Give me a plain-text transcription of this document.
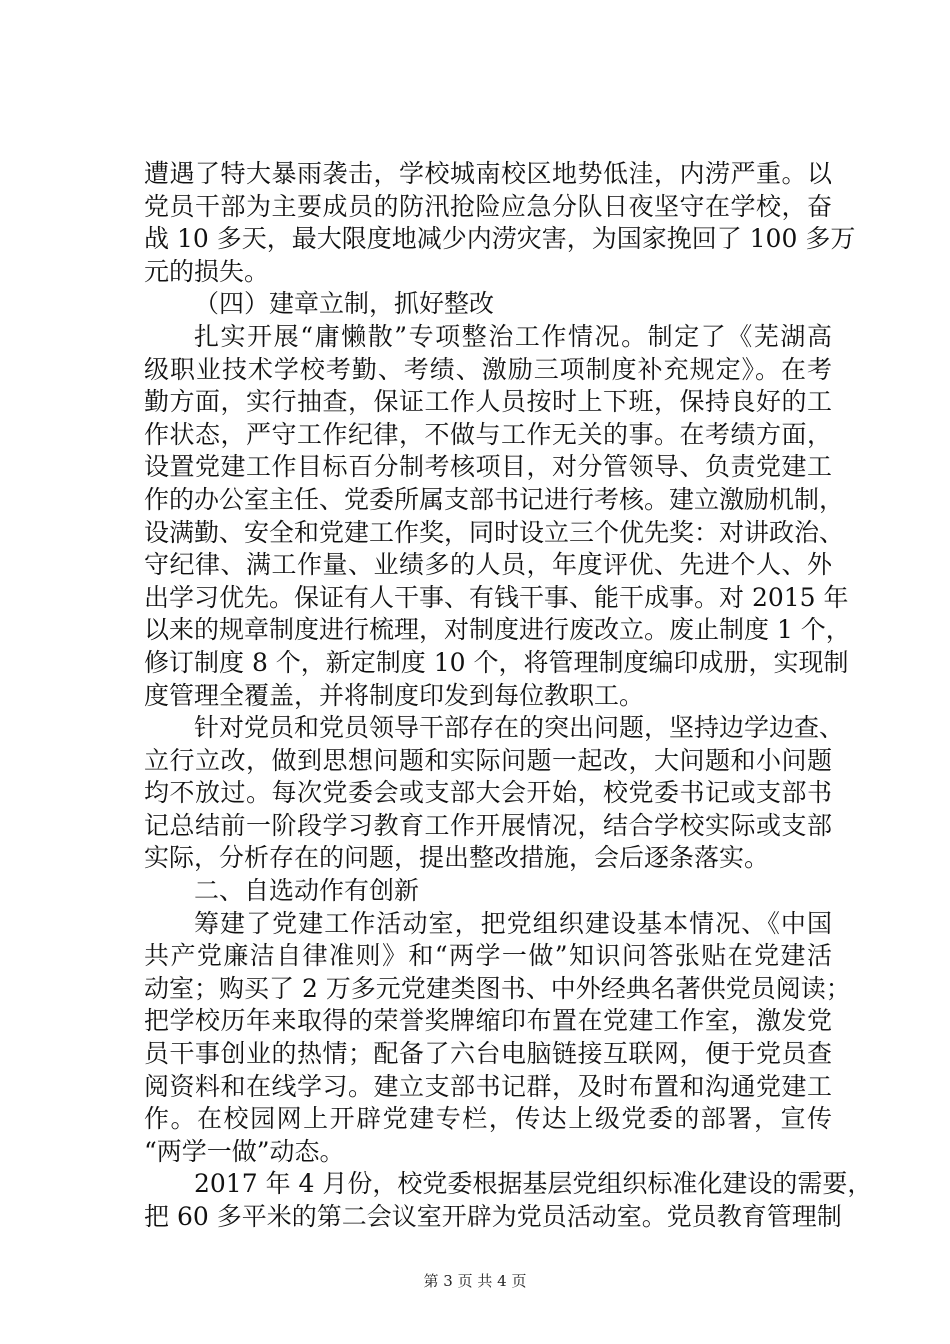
遭遇了特大暴雨袭击，学校城南校区地势低洼，内涝严重。以
党员干部为主要成员的防汛抢险应急分队日夜坚守在学校，奋
战 10 多天，最大限度地减少内涝灾害，为国家挽回了 100 多万
元的损失。
（四）建章立制，抓好整改
扎实开展“庸懒散”专项整治工作情况。制定了《芜湖高
级职业技术学校考勤、考绩、激励三项制度补充规定》。在考
勤方面，实行抽查，保证工作人员按时上下班，保持良好的工
作状态，严守工作纪律，不做与工作无关的事。在考绩方面，
设置党建工作目标百分制考核项目，对分管领导、负责党建工
作的办公室主任、党委所属支部书记进行考核。建立激励机制，
设满勤、安全和党建工作奖，同时设立三个优先奖：对讲政治、
守纪律、满工作量、业绩多的人员，年度评优、先进个人、外
出学习优先。保证有人干事、有钱干事、能干成事。对 2015 年
以来的规章制度进行梳理，对制度进行废改立。废止制度 1 个，
修订制度 8 个，新定制度 10 个，将管理制度编印成册，实现制
度管理全覆盖，并将制度印发到每位教职工。
针对党员和党员领导干部存在的突出问题，坚持边学边查、
立行立改，做到思想问题和实际问题一起改，大问题和小问题
均不放过。每次党委会或支部大会开始，校党委书记或支部书
记总结前一阶段学习教育工作开展情况，结合学校实际或支部
实际，分析存在的问题，提出整改措施，会后逐条落实。
二、自选动作有创新
筹建了党建工作活动室，把党组织建设基本情况、《中国
共产党廉洁自律准则》和“两学一做”知识问答张贴在党建活
动室；购买了 2 万多元党建类图书、中外经典名著供党员阅读；
把学校历年来取得的荣誉奖牌缩印布置在党建工作室，激发党
员干事创业的热情；配备了六台电脑链接互联网，便于党员查
阅资料和在线学习。建立支部书记群，及时布置和沟通党建工
作。在校园网上开辟党建专栏，传达上级党委的部署，宣传
“两学一做”动态。
2017 年 4 月份，校党委根据基层党组织标准化建设的需要，
把 60 多平米的第二会议室开辟为党员活动室。党员教育管理制
第 3 页 共 4 页
